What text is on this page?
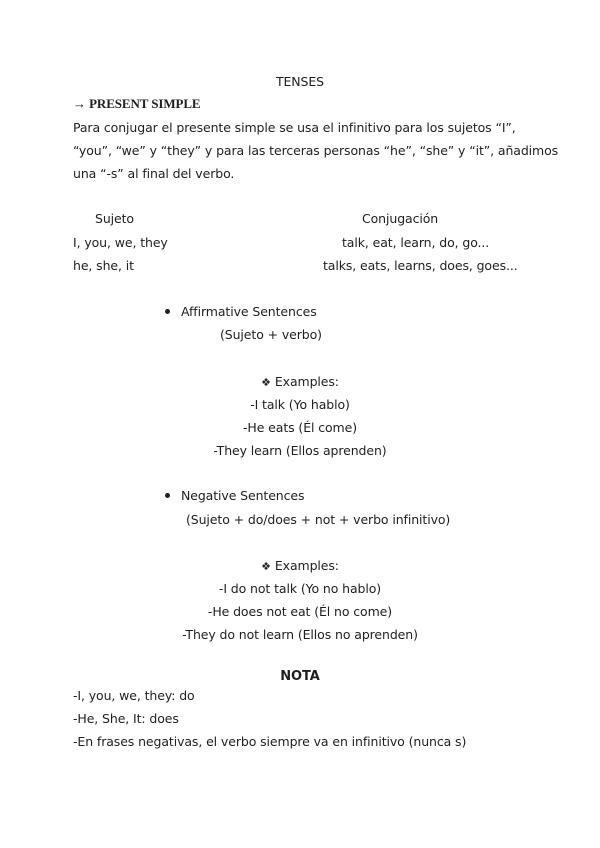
TENSES
→ PRESENT SIMPLE
Para conjugar el presente simple se usa el infinitivo para los sujetos “I”,
“you”, “we” y “they” y para las terceras personas “he”, “she” y “it”, añadimos
una “-s” al final del verbo.
Sujeto	Conjugación
I, you, we, they	talk, eat, learn, do, go...
he, she, it	talks, eats, learns, does, goes...
Affirmative Sentences
(Sujeto + verbo)
❖ Examples:
-I talk (Yo hablo)
-He eats (Él come)
-They learn (Ellos aprenden)
Negative Sentences
(Sujeto + do/does + not + verbo infinitivo)
❖ Examples:
-I do not talk (Yo no hablo)
-He does not eat (Él no come)
-They do not learn (Ellos no aprenden)
NOTA
-I, you, we, they: do
-He, She, It: does
-En frases negativas, el verbo siempre va en infinitivo (nunca s)
